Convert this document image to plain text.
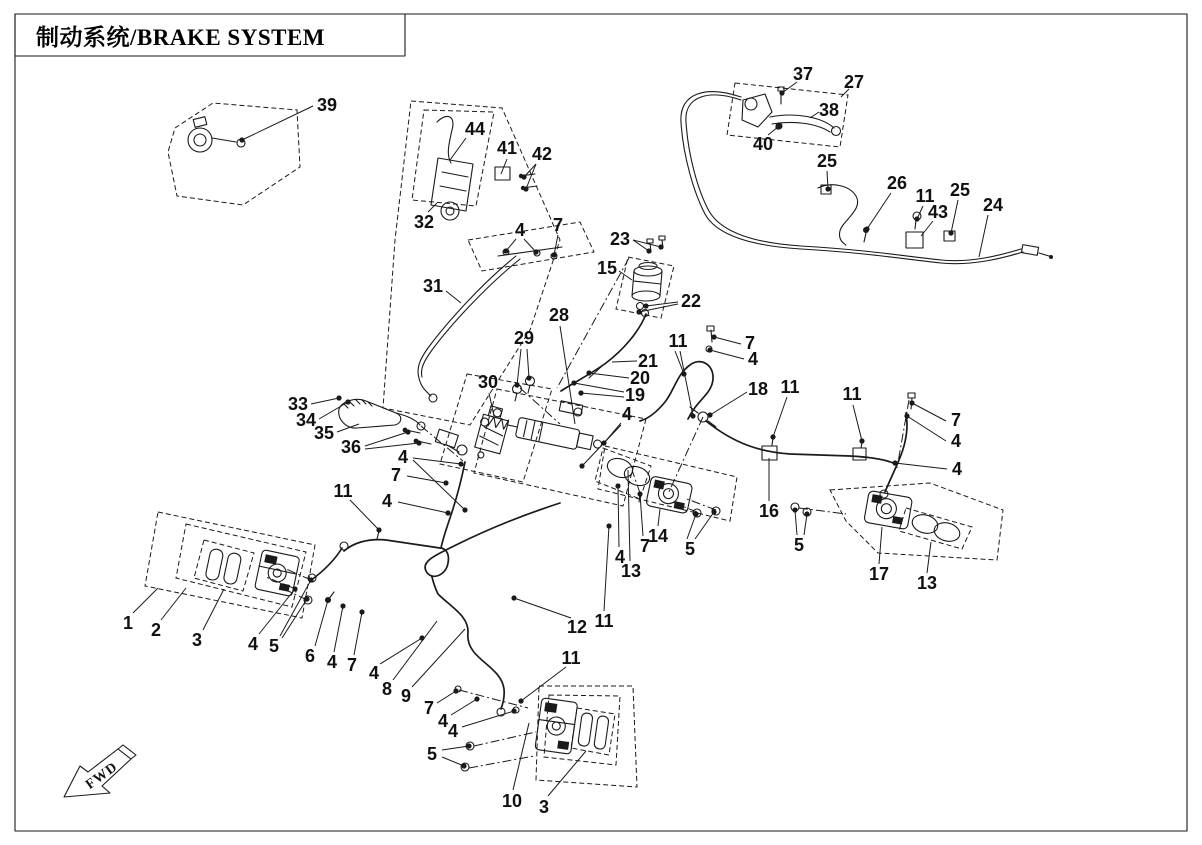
制动系统/BRAKE SYSTEM
FWD
39
44
41 42
32
37 27
38
40
25
26
11
43
25
24
23
15
22
4 7
31
28
29
21
20
19
30
11	7
4
18 11 11
7
4
4
33
34
35
36 4
7
4
11
16
5
5
14
7
4
13	17 13
1 2 3	4 5 6 4 7 4
8 9
7
4 4
5
10 3
12 11
11
4
